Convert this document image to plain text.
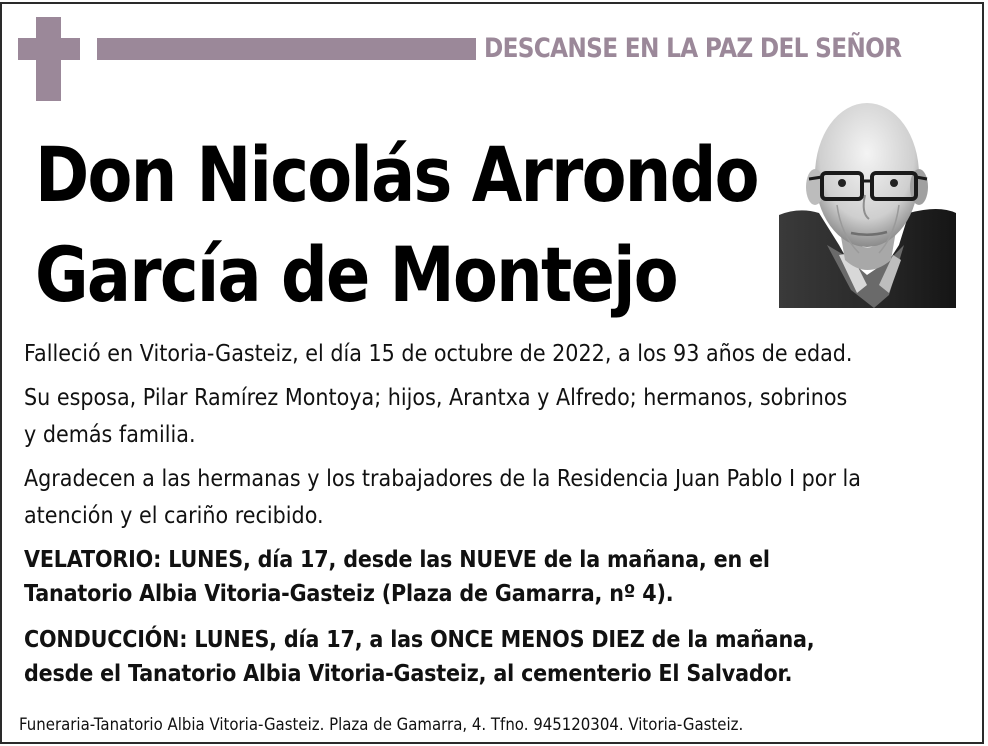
DESCANSE EN LA PAZ DEL SEÑOR
Don Nicolás Arrondo
García de Montejo
Falleció en Vitoria-Gasteiz, el día 15 de octubre de 2022, a los 93 años de edad.
Su esposa, Pilar Ramírez Montoya; hijos, Arantxa y Alfredo; hermanos, sobrinos
y demás familia.
Agradecen a las hermanas y los trabajadores de la Residencia Juan Pablo I por la
atención y el cariño recibido.
VELATORIO: LUNES, día 17, desde las NUEVE de la mañana, en el
Tanatorio Albia Vitoria-Gasteiz (Plaza de Gamarra, nº 4).
CONDUCCIÓN: LUNES, día 17, a las ONCE MENOS DIEZ de la mañana,
desde el Tanatorio Albia Vitoria-Gasteiz, al cementerio El Salvador.
Funeraria-Tanatorio Albia Vitoria-Gasteiz. Plaza de Gamarra, 4. Tfno. 945120304. Vitoria-Gasteiz.
